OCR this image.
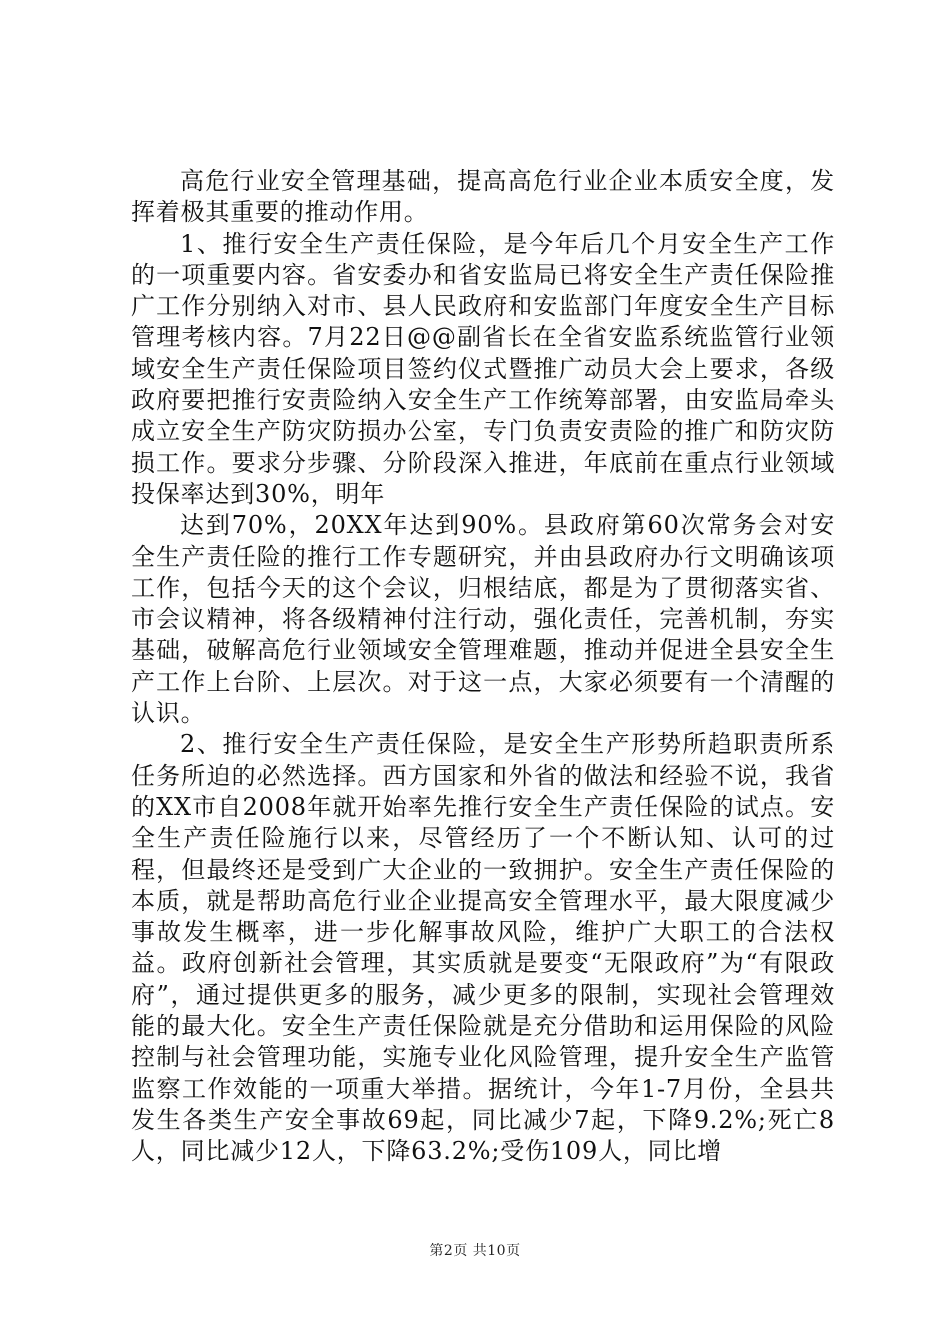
高危行业安全管理基础，提高高危行业企业本质安全度，发挥着极其重要的推动作用。

1、推行安全生产责任保险，是今年后几个月安全生产工作的一项重要内容。省安委办和省安监局已将安全生产责任保险推广工作分别纳入对市、县人民政府和安监部门年度安全生产目标管理考核内容。7月22日@@副省长在全省安监系统监管行业领域安全生产责任保险项目签约仪式暨推广动员大会上要求，各级政府要把推行安责险纳入安全生产工作统筹部署，由安监局牵头成立安全生产防灾防损办公室，专门负责安责险的推广和防灾防损工作。要求分步骤、分阶段深入推进，年底前在重点行业领域投保率达到30%，明年

达到70%，20XX年达到90%。县政府第60次常务会对安全生产责任险的推行工作专题研究，并由县政府办行文明确该项工作，包括今天的这个会议，归根结底，都是为了贯彻落实省、市会议精神，将各级精神付注行动，强化责任，完善机制，夯实基础，破解高危行业领域安全管理难题，推动并促进全县安全生产工作上台阶、上层次。对于这一点，大家必须要有一个清醒的认识。

2、推行安全生产责任保险，是安全生产形势所趋职责所系任务所迫的必然选择。西方国家和外省的做法和经验不说，我省的XX市自2008年就开始率先推行安全生产责任保险的试点。安全生产责任险施行以来，尽管经历了一个不断认知、认可的过程，但最终还是受到广大企业的一致拥护。安全生产责任保险的本质，就是帮助高危行业企业提高安全管理水平，最大限度减少事故发生概率，进一步化解事故风险，维护广大职工的合法权益。政府创新社会管理，其实质就是要变“无限政府”为“有限政府”，通过提供更多的服务，减少更多的限制，实现社会管理效能的最大化。安全生产责任保险就是充分借助和运用保险的风险控制与社会管理功能，实施专业化风险管理，提升安全生产监管监察工作效能的一项重大举措。据统计，今年1-7月份，全县共发生各类生产安全事故69起，同比减少7起，下降9.2%;死亡8人，同比减少12人，下降63.2%;受伤109人，同比增

第2页 共10页
